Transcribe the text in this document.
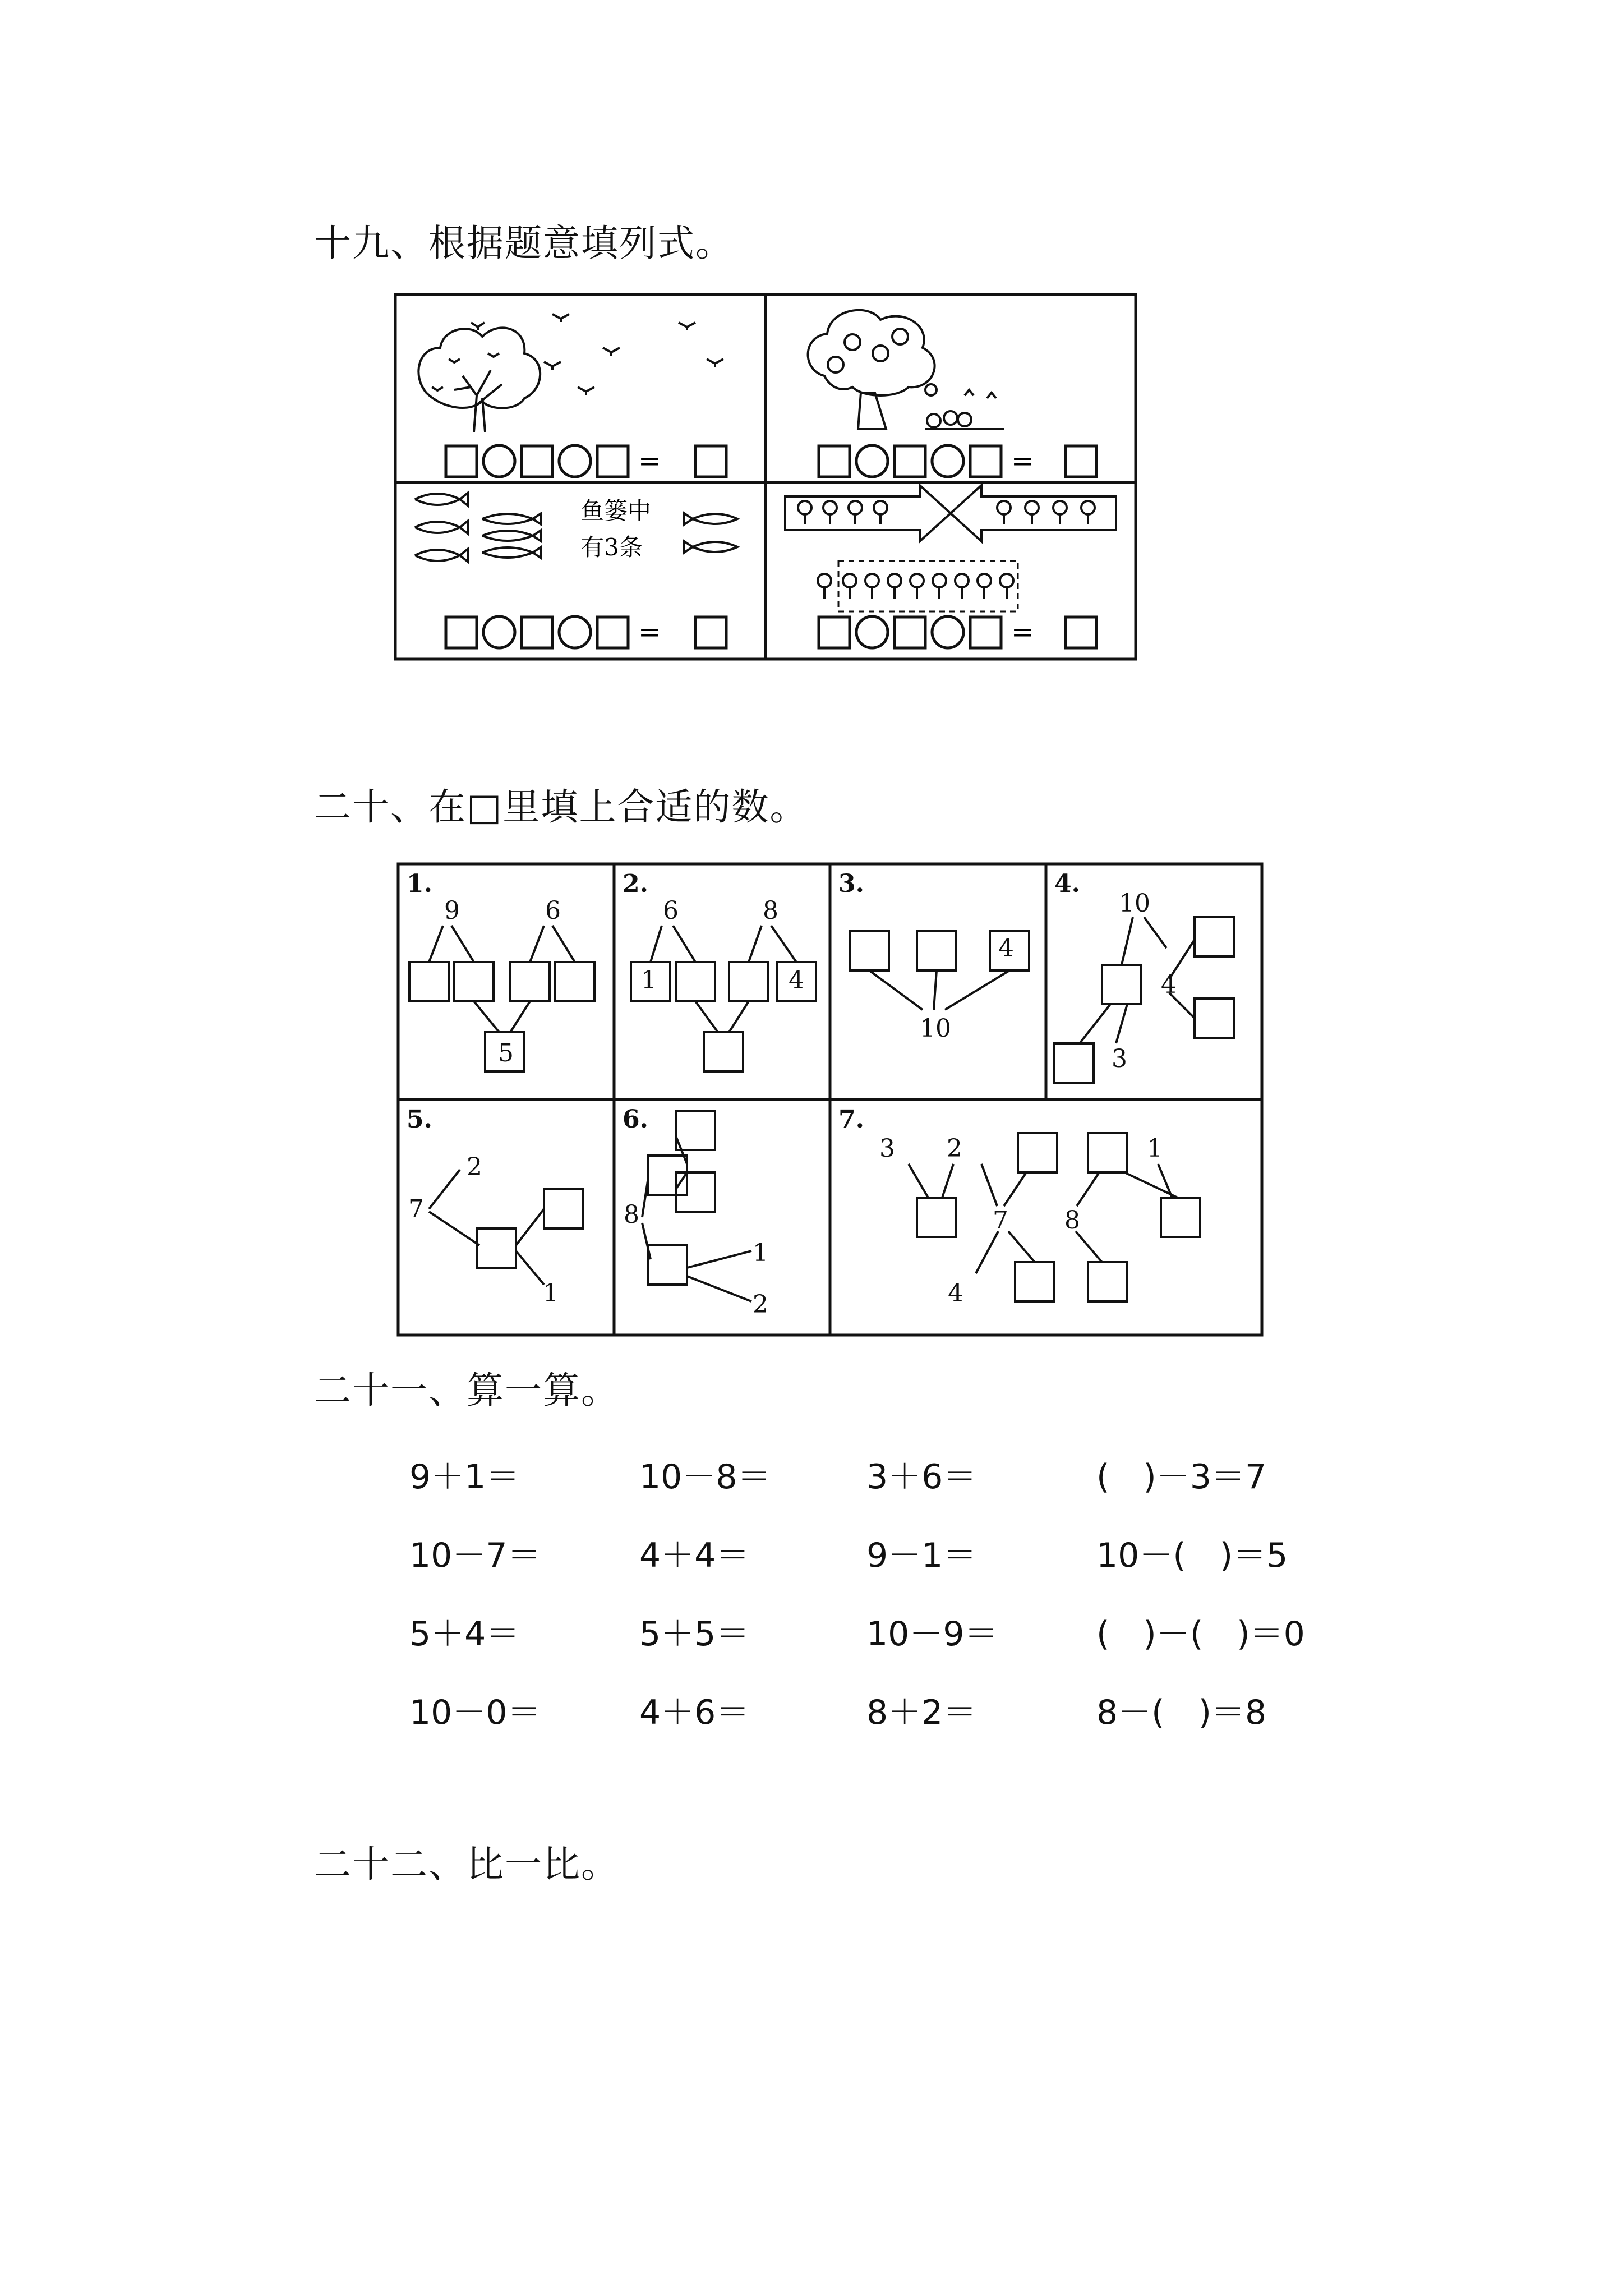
十九、根据题意填列式。
鱼篓中
有3条
=	=
=	=
二十、在□里填上合适的数。
1.
9	6
5
2.
6	8
1	4
3.
4
10
4.
10
4
3
5.
7
2
1
6.
8
1
2
7.
3 2	1
7 8
4
二十一、算一算。
9＋1＝	10－8＝	3＋6＝	(　)－3＝7
10－7＝	4＋4＝	9－1＝	10－(　)＝5
5＋4＝	5＋5＝	10－9＝	(　)－(　)＝0
10－0＝	4＋6＝	8＋2＝	8－(　)＝8
二十二、比一比。
